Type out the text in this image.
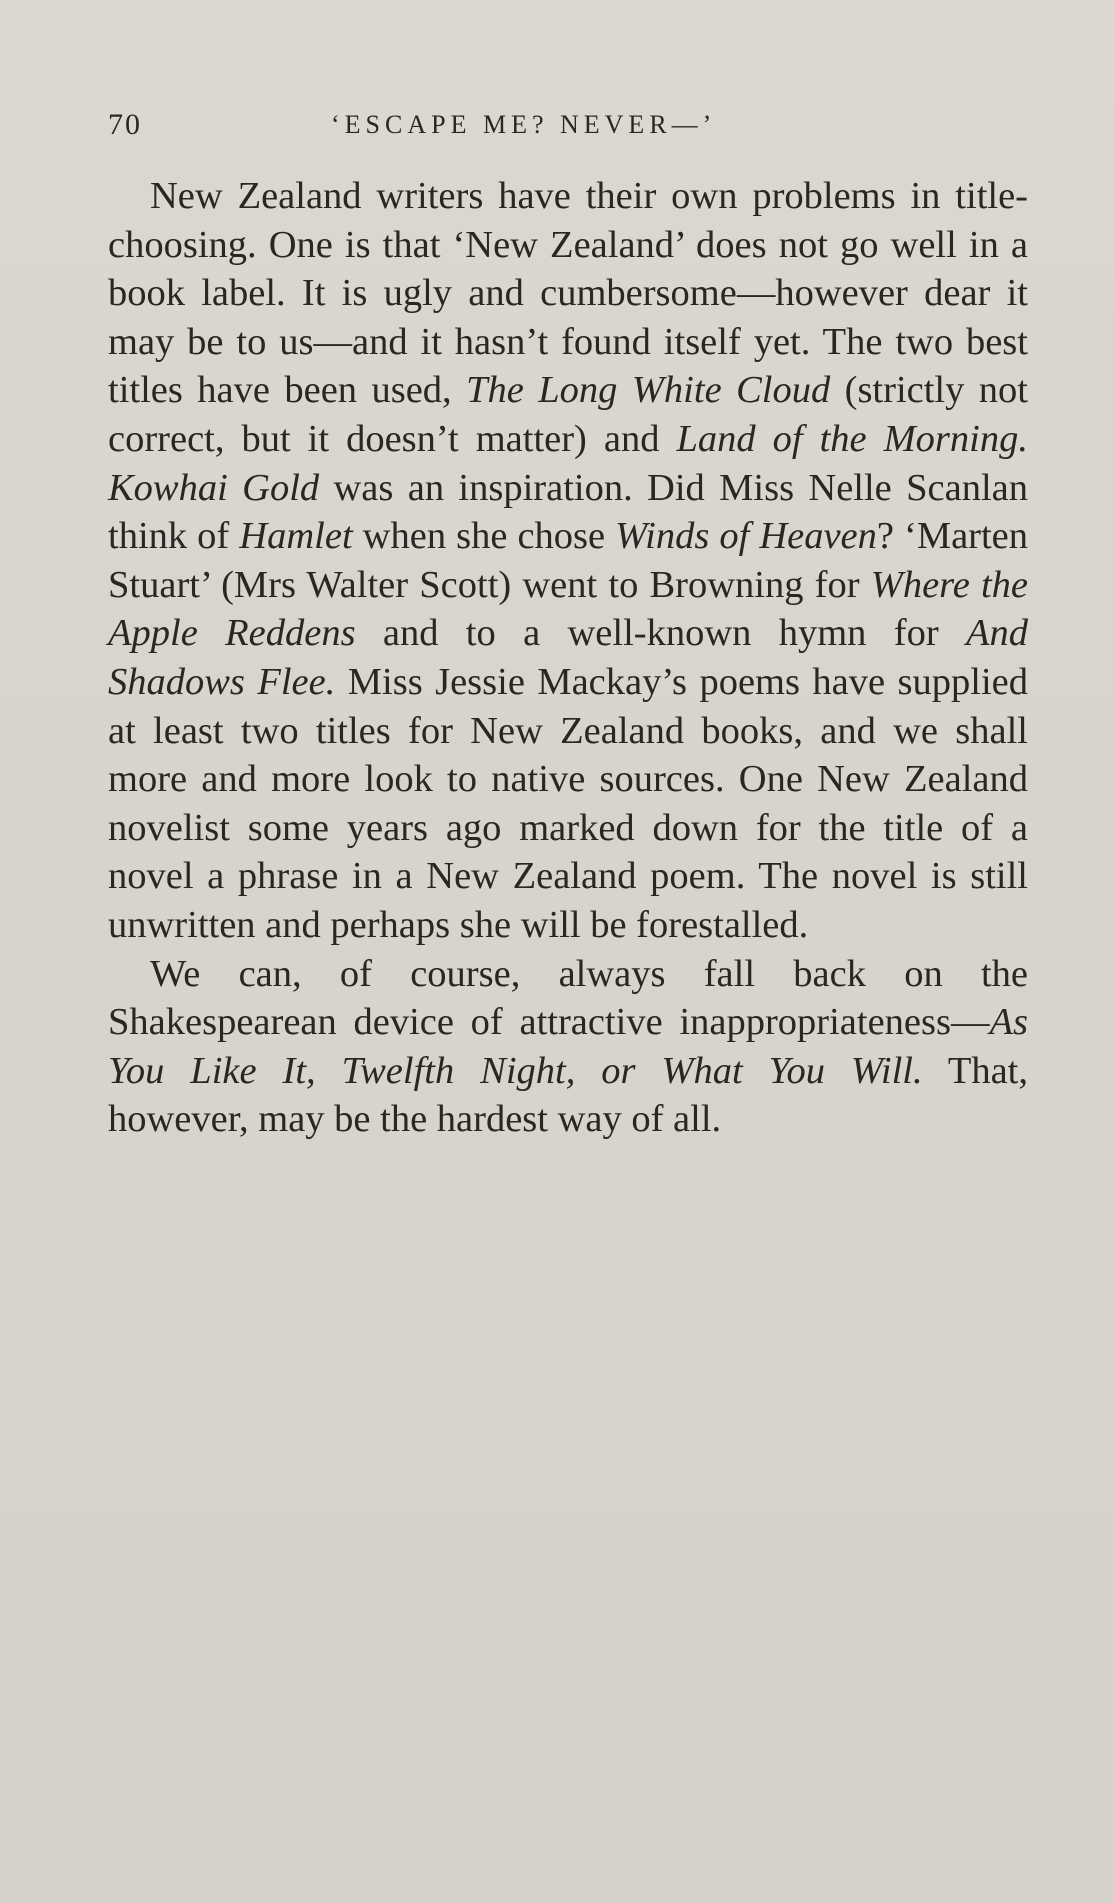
70	‘ESCAPE ME? NEVER—’

New Zealand writers have their own problems in title-choosing. One is that ‘New Zealand’ does not go well in a book label. It is ugly and cumbersome—however dear it may be to us—and it hasn’t found itself yet. The two best titles have been used, The Long White Cloud (strictly not correct, but it doesn’t matter) and Land of the Morning. Kowhai Gold was an inspiration. Did Miss Nelle Scanlan think of Hamlet when she chose Winds of Heaven? ‘Marten Stuart’ (Mrs Walter Scott) went to Browning for Where the Apple Reddens and to a well-known hymn for And Shadows Flee. Miss Jessie Mackay’s poems have supplied at least two titles for New Zealand books, and we shall more and more look to native sources. One New Zealand novelist some years ago marked down for the title of a novel a phrase in a New Zealand poem. The novel is still unwritten and perhaps she will be forestalled.

We can, of course, always fall back on the Shakespearean device of attractive inappropriateness—As You Like It, Twelfth Night, or What You Will. That, however, may be the hardest way of all.
